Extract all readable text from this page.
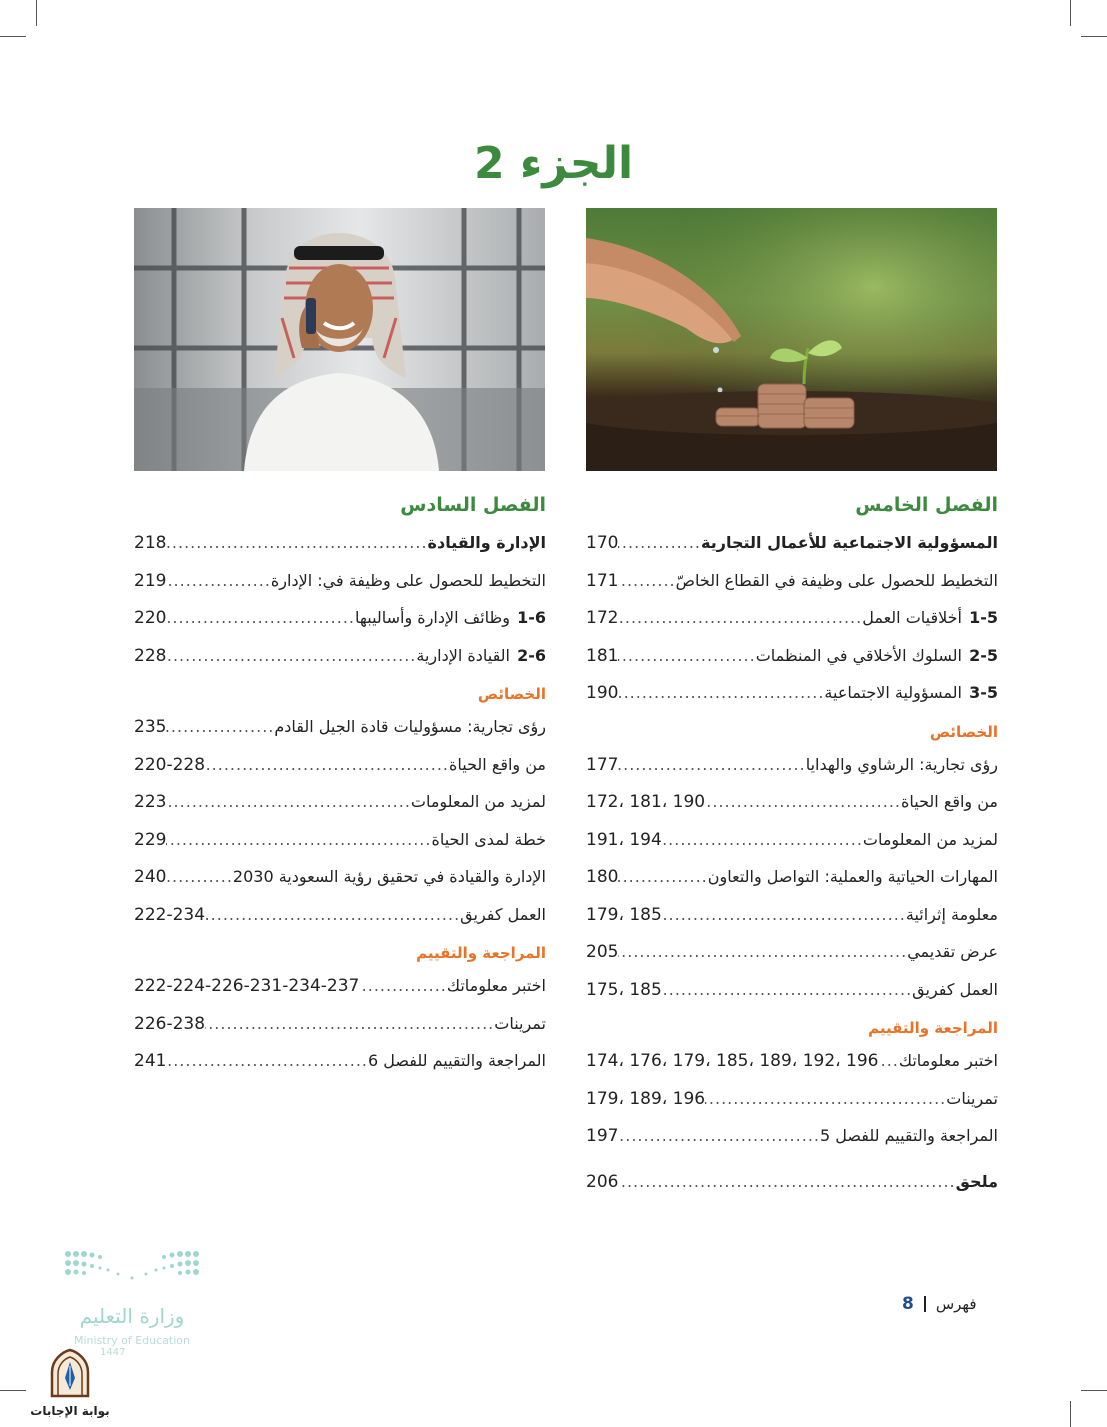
الجزء 2
الفصل الخامس
المسؤولية الاجتماعية للأعمال التجارية
.....
170
التخطيط للحصول على وظيفة في القطاع الخاصّ
.....
171
1-5
أخلاقيات العمل
.....
172
2-5
السلوك الأخلاقي في المنظمات
.....
181
3-5
المسؤولية الاجتماعية
.....
190
الخصائص
رؤى تجارية: الرشاوي والهدايا
.....
177
من واقع الحياة
.....
172، 181، 190
لمزيد من المعلومات
.....
191، 194
المهارات الحياتية والعملية: التواصل والتعاون
.....
180
معلومة إثرائية
.....
179، 185
عرض تقديمي
.....
205
العمل كفريق
.....
175، 185
المراجعة والتقييم
اختبر معلوماتك
.....
174، 176، 179، 185، 189، 192، 196
تمرينات
.....
179، 189، 196
المراجعة والتقييم للفصل 5
.....
197
ملحق
.....
206
الفصل السادس
الإدارة والقيادة
.....
218
التخطيط للحصول على وظيفة في: الإدارة
.....
219
1-6
وظائف الإدارة وأساليبها
.....
220
2-6
القيادة الإدارية
.....
228
الخصائص
رؤى تجارية: مسؤوليات قادة الجيل القادم
.....
235
من واقع الحياة
.....
220-228
لمزيد من المعلومات
.....
223
خطة لمدى الحياة
.....
229
الإدارة والقيادة في تحقيق رؤية السعودية 2030
.....
240
العمل كفريق
.....
222-234
المراجعة والتقييم
اختبر معلوماتك
.....
222-224-226-231-234-237
تمرينات
.....
226-238
المراجعة والتقييم للفصل 6
.....
241
فهرس
8
وزارة التعليم
Ministry of Education
1447
بوابة الإجابات
